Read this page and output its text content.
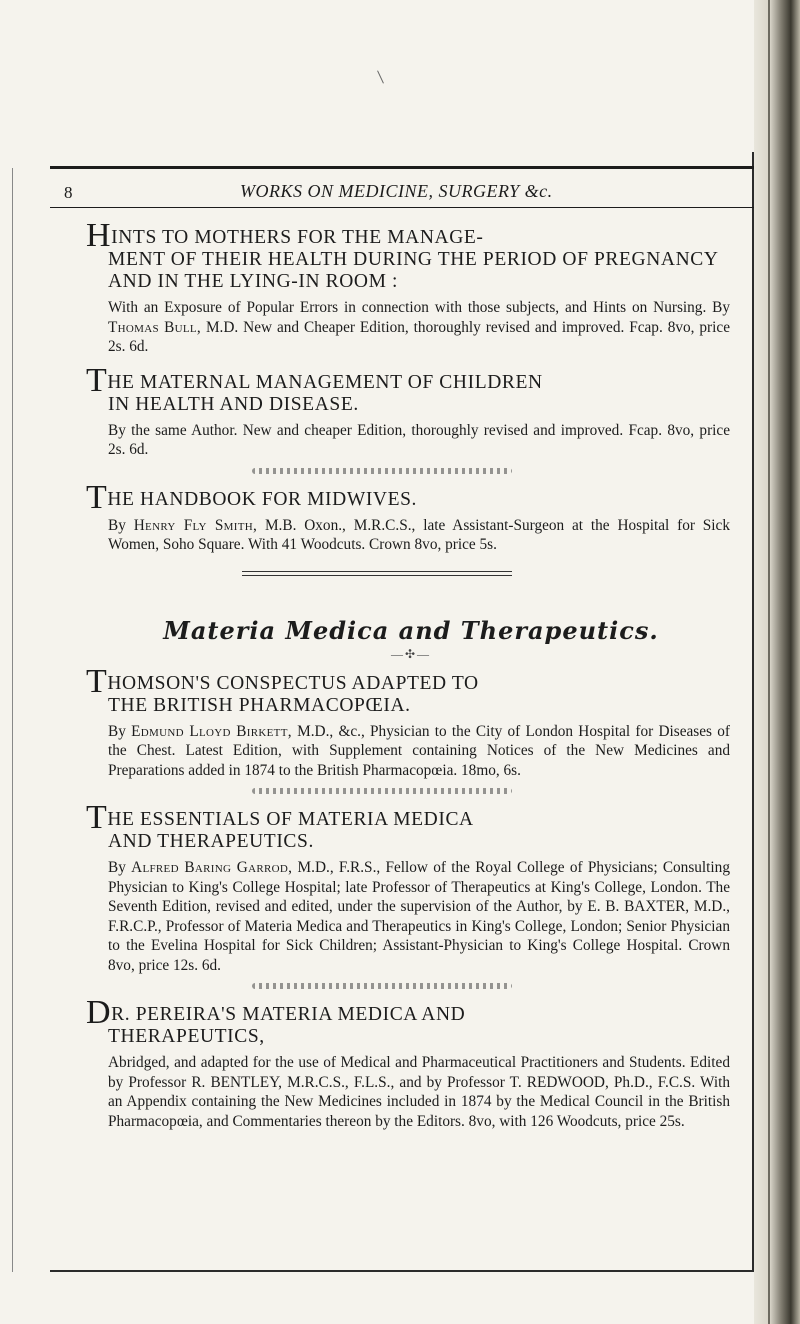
8	WORKS ON MEDICINE, SURGERY &c.

HINTS TO MOTHERS FOR THE MANAGE-
MENT OF THEIR HEALTH DURING THE PERIOD OF PREGNANCY AND IN THE LYING-IN ROOM :

With an Exposure of Popular Errors in connection with those subjects, and Hints on Nursing. By Thomas Bull, M.D. New and Cheaper Edition, thoroughly revised and improved. Fcap. 8vo, price 2s. 6d.

THE MATERNAL MANAGEMENT OF CHILDREN
IN HEALTH AND DISEASE.

By the same Author. New and cheaper Edition, thoroughly revised and improved. Fcap. 8vo, price 2s. 6d.

THE HANDBOOK FOR MIDWIVES.

By Henry Fly Smith, M.B. Oxon., M.R.C.S., late Assistant-Surgeon at the Hospital for Sick Women, Soho Square. With 41 Woodcuts. Crown 8vo, price 5s.

Materia Medica and Therapeutics.
—✣—

THOMSON'S CONSPECTUS ADAPTED TO
THE BRITISH PHARMACOPŒIA.

By Edmund Lloyd Birkett, M.D., &c., Physician to the City of London Hospital for Diseases of the Chest. Latest Edition, with Supplement containing Notices of the New Medicines and Preparations added in 1874 to the British Pharmacopœia. 18mo, 6s.

THE ESSENTIALS OF MATERIA MEDICA
AND THERAPEUTICS.

By Alfred Baring Garrod, M.D., F.R.S., Fellow of the Royal College of Physicians; Consulting Physician to King's College Hospital; late Professor of Therapeutics at King's College, London. The Seventh Edition, revised and edited, under the supervision of the Author, by E. B. BAXTER, M.D., F.R.C.P., Professor of Materia Medica and Therapeutics in King's College, London; Senior Physician to the Evelina Hospital for Sick Children; Assistant-Physician to King's College Hospital. Crown 8vo, price 12s. 6d.

DR. PEREIRA'S MATERIA MEDICA AND
THERAPEUTICS,

Abridged, and adapted for the use of Medical and Pharmaceutical Practitioners and Students. Edited by Professor R. BENTLEY, M.R.C.S., F.L.S., and by Professor T. REDWOOD, Ph.D., F.C.S. With an Appendix containing the New Medicines included in 1874 by the Medical Council in the British Pharmacopœia, and Commentaries thereon by the Editors. 8vo, with 126 Woodcuts, price 25s.
